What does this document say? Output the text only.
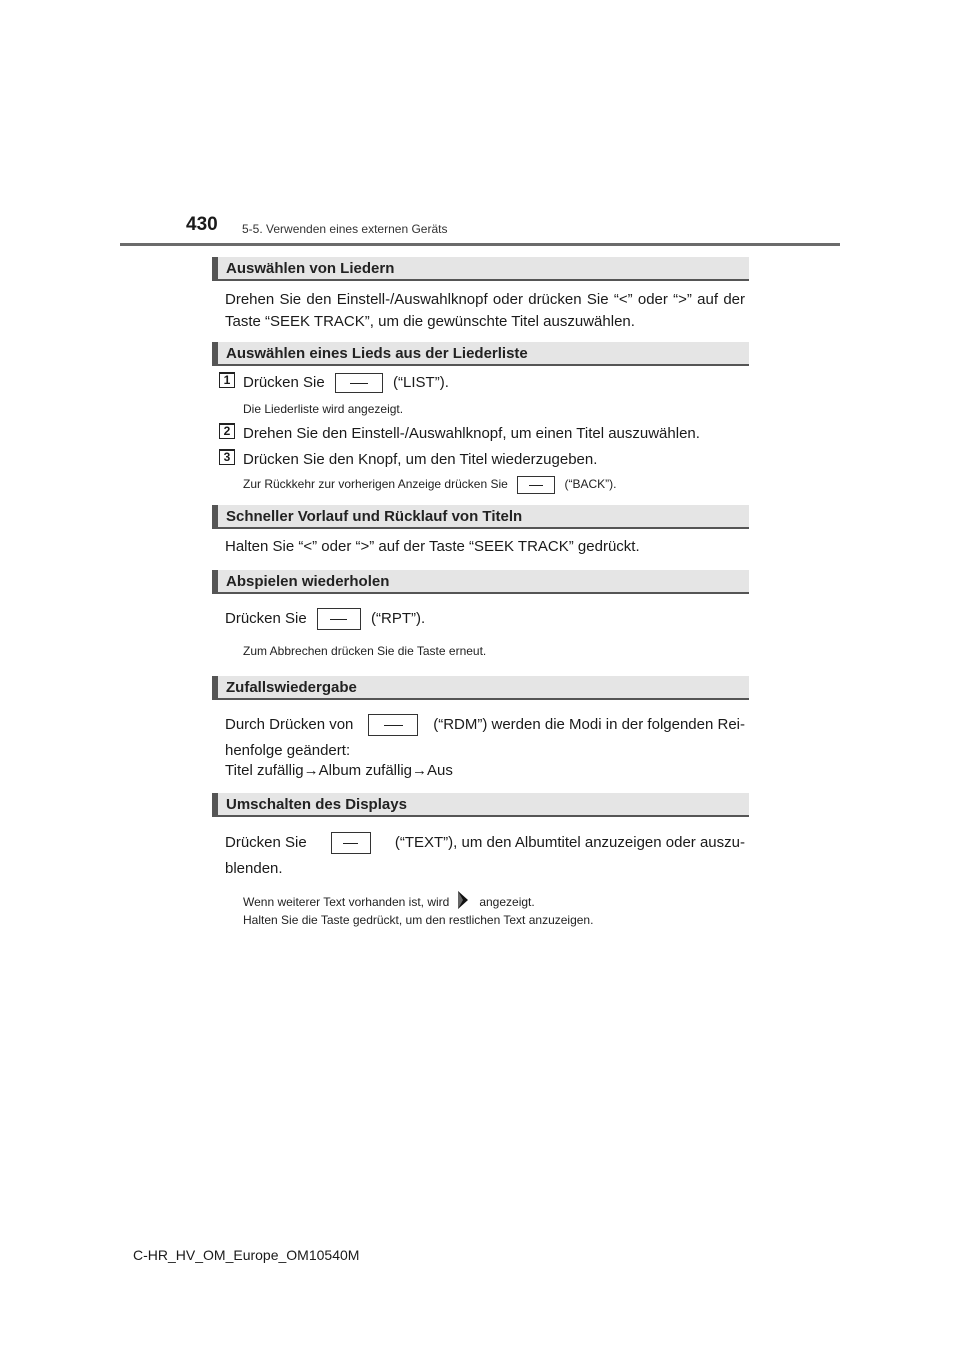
430 5-5. Verwenden eines externen Geräts
Auswählen von Liedern
Drehen Sie den Einstell-/Auswahlknopf oder drücken Sie “<” oder “>” auf der
Taste “SEEK TRACK”, um die gewünschte Titel auszuwählen.
Auswählen eines Lieds aus der Liederliste
1 Drücken Sie	(“LIST”).
Die Liederliste wird angezeigt.
2 Drehen Sie den Einstell-/Auswahlknopf, um einen Titel auszuwählen.
3 Drücken Sie den Knopf, um den Titel wiederzugeben.
Zur Rückkehr zur vorherigen Anzeige drücken Sie	(“BACK”).
Schneller Vorlauf und Rücklauf von Titeln
Halten Sie “<” oder “>” auf der Taste “SEEK TRACK” gedrückt.
Abspielen wiederholen
Drücken Sie	(“RPT”).
Zum Abbrechen drücken Sie die Taste erneut.
Zufallswiedergabe
Durch Drücken von	(“RDM”) werden die Modi in der folgenden Rei-
henfolge geändert:
Titel zufällig→Album zufällig→Aus
Umschalten des Displays
Drücken Sie	(“TEXT”), um den Albumtitel anzuzeigen oder auszu-
blenden.
Wenn weiterer Text vorhanden ist, wird	angezeigt.
Halten Sie die Taste gedrückt, um den restlichen Text anzuzeigen.
C-HR_HV_OM_Europe_OM10540M
